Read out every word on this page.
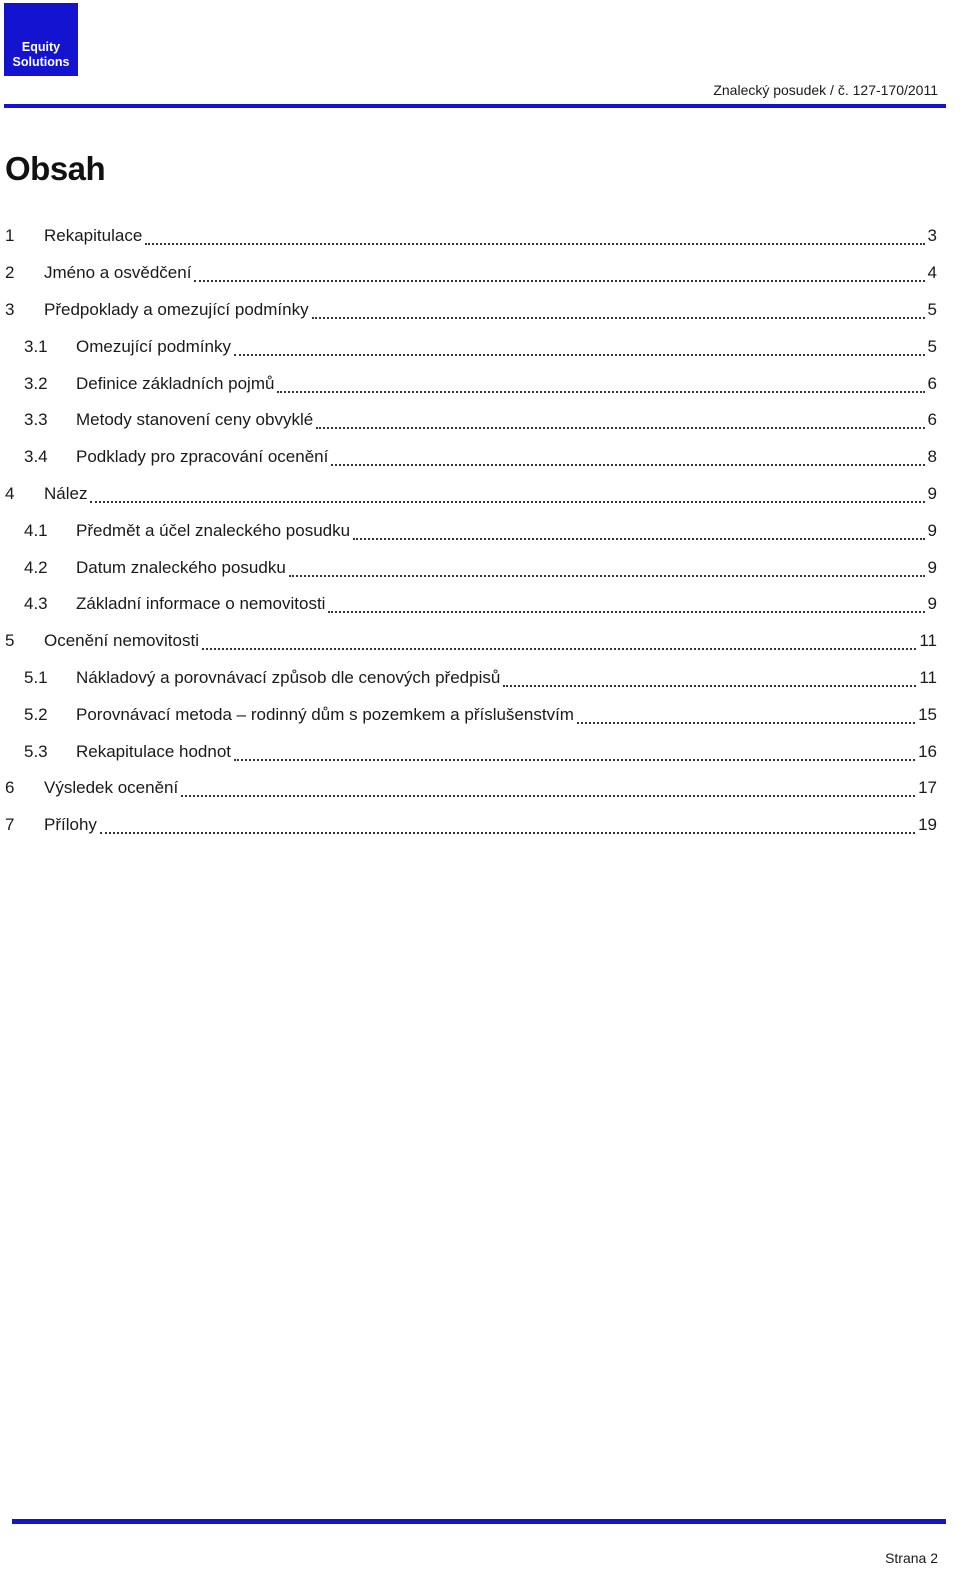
Equity
Solutions
Znalecký posudek / č. 127-170/2011
Obsah
1	Rekapitulace	3
2	Jméno a osvědčení	4
3	Předpoklady a omezující podmínky	5
3.1	Omezující podmínky	5
3.2	Definice základních pojmů	6
3.3	Metody stanovení ceny obvyklé	6
3.4	Podklady pro zpracování ocenění	8
4	Nález	9
4.1	Předmět a účel znaleckého posudku	9
4.2	Datum znaleckého posudku	9
4.3	Základní informace o nemovitosti	9
5	Ocenění nemovitosti	11
5.1	Nákladový a porovnávací způsob dle cenových předpisů	11
5.2	Porovnávací metoda – rodinný dům s pozemkem a příslušenstvím	15
5.3	Rekapitulace hodnot	16
6	Výsledek ocenění	17
7	Přílohy	19
Strana 2
